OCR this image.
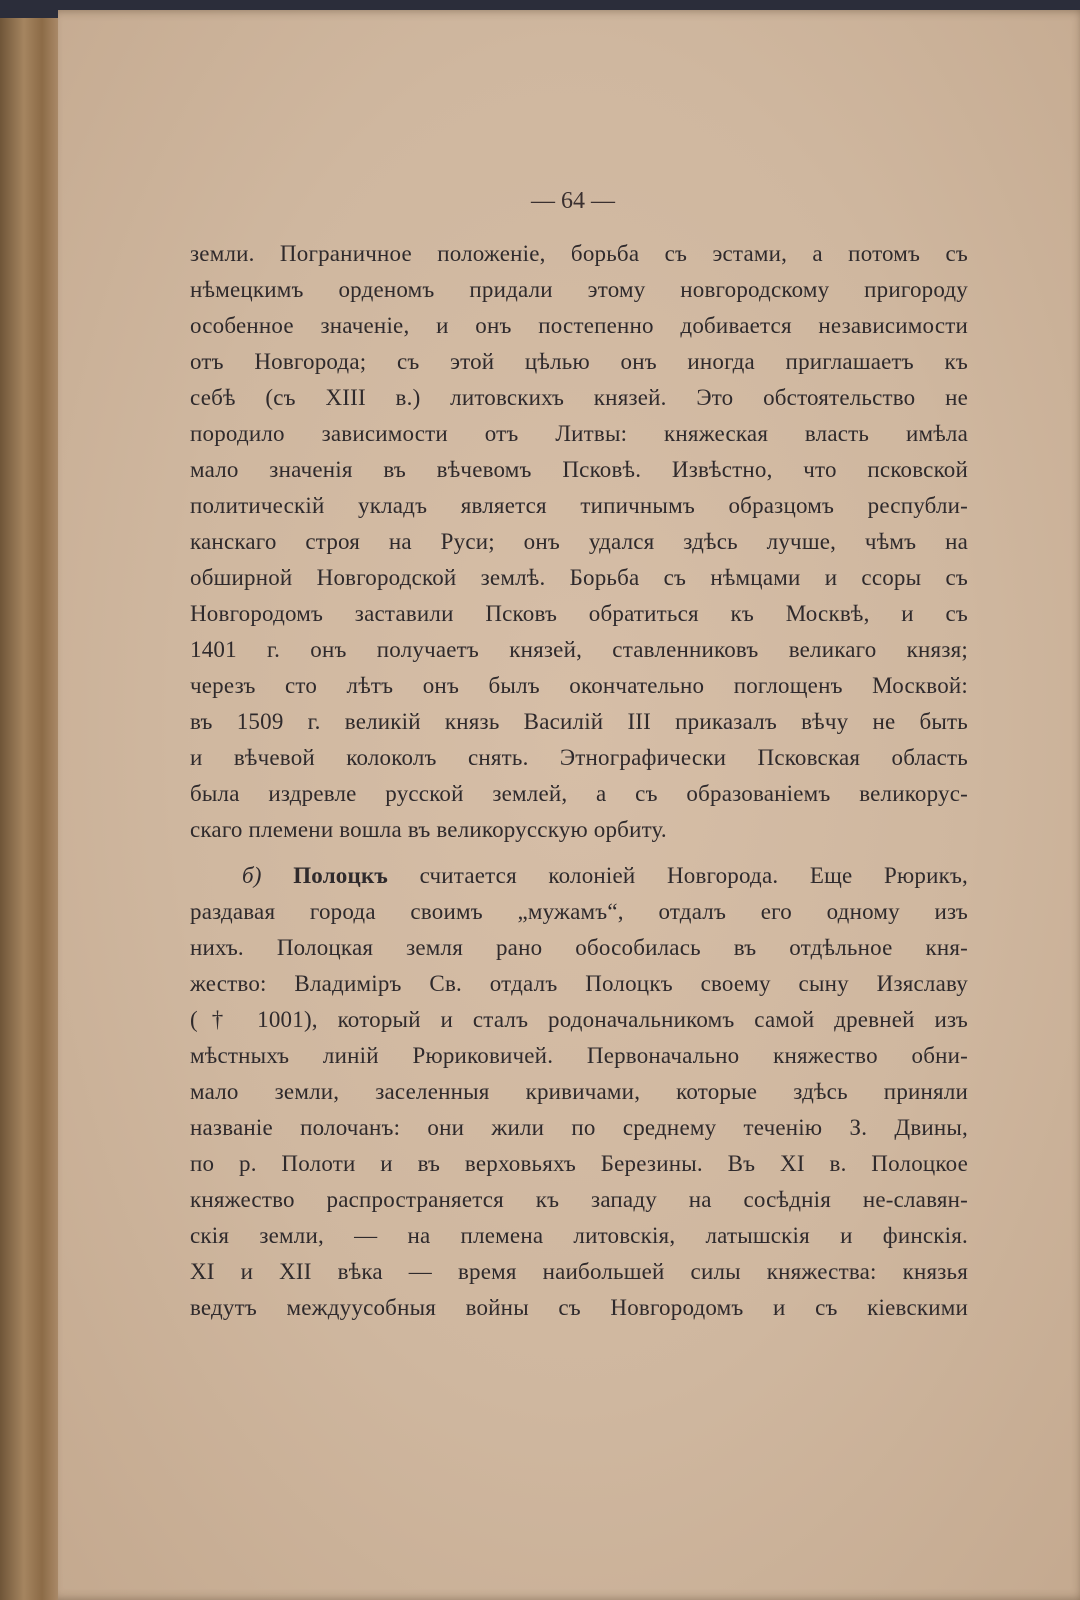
— 64 —
земли. Пограничное положенiе, борьба съ эстами, а потомъ съ
нѣмецкимъ орденомъ придали этому новгородскому пригороду
особенное значенiе, и онъ постепенно добивается независимости
отъ Новгорода; съ этой цѣлью онъ иногда приглашаетъ къ
себѣ (съ XIII в.) литовскихъ князей. Это обстоятельство не
породило зависимости отъ Литвы: княжеская власть имѣла
мало значенiя въ вѣчевомъ Псковѣ. Извѣстно, что псковской
политическiй укладъ является типичнымъ образцомъ республи-
канскаго строя на Руси; онъ удался здѣсь лучше, чѣмъ на
обширной Новгородской землѣ. Борьба съ нѣмцами и ссоры съ
Новгородомъ заставили Псковъ обратиться къ Москвѣ, и съ
1401 г. онъ получаетъ князей, ставленниковъ великаго князя;
черезъ сто лѣтъ онъ былъ окончательно поглощенъ Москвой:
въ 1509 г. великiй князь Василiй III приказалъ вѣчу не быть
и вѣчевой колоколъ снять. Этнографически Псковская область
была издревле русской землей, а съ образованiемъ великорус-
скаго племени вошла въ великорусскую орбиту.
б) Полоцкъ считается колонiей Новгорода. Еще Рюрикъ,
раздавая города своимъ „мужамъ“, отдалъ его одному изъ
нихъ. Полоцкая земля рано обособилась въ отдѣльное кня-
жество: Владимiръ Св. отдалъ Полоцкъ своему сыну Изяславу
(† 1001), который и сталъ родоначальникомъ самой древней изъ
мѣстныхъ линiй Рюриковичей. Первоначально княжество обни-
мало земли, заселенныя кривичами, которые здѣсь приняли
названiе полочанъ: они жили по среднему теченiю З. Двины,
по р. Полоти и въ верховьяхъ Березины. Въ XI в. Полоцкое
княжество распространяется къ западу на сосѣднiя не-славян-
скiя земли, — на племена литовскiя, латышскiя и финскiя.
XI и XII вѣка — время наибольшей силы княжества: князья
ведутъ междуусобныя войны съ Новгородомъ и съ кiевскими
